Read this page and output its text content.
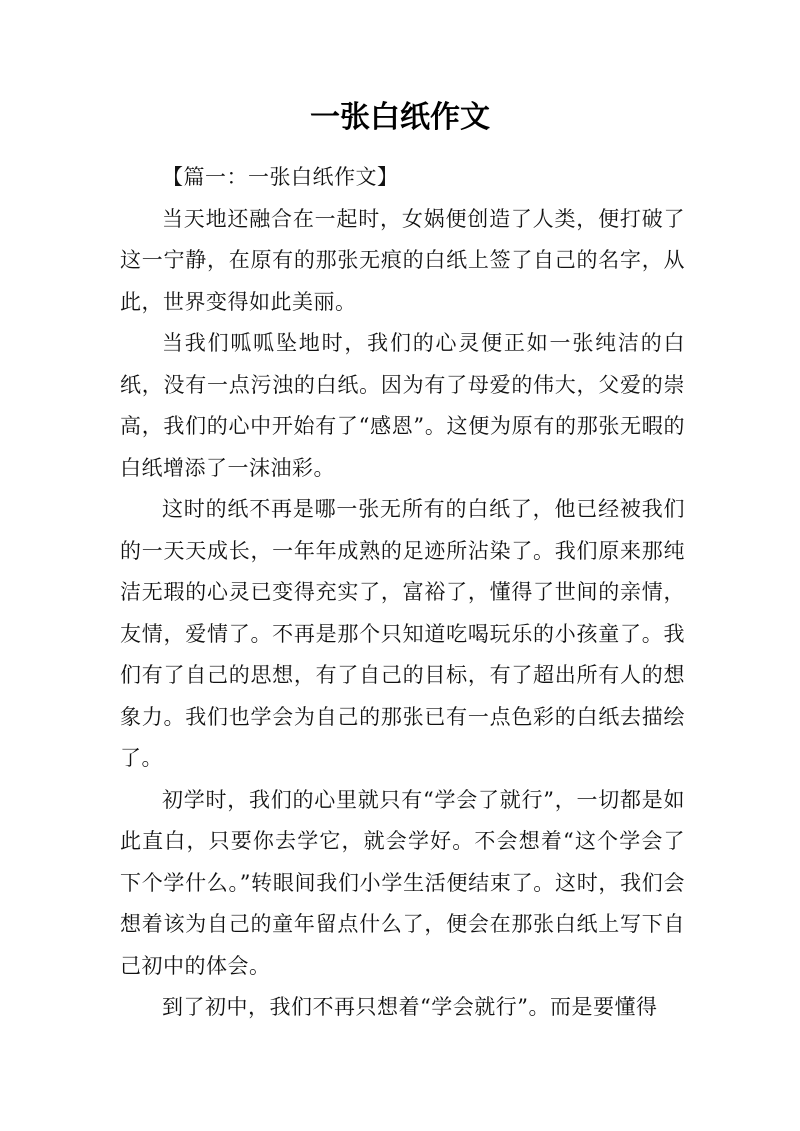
一张白纸作文

【篇一：一张白纸作文】

当天地还融合在一起时，女娲便创造了人类，便打破了这一宁静，在原有的那张无痕的白纸上签了自己的名字，从此，世界变得如此美丽。

当我们呱呱坠地时，我们的心灵便正如一张纯洁的白纸，没有一点污浊的白纸。因为有了母爱的伟大，父爱的崇高，我们的心中开始有了“感恩”。这便为原有的那张无暇的白纸增添了一沫油彩。

这时的纸不再是哪一张无所有的白纸了，他已经被我们的一天天成长，一年年成熟的足迹所沾染了。我们原来那纯洁无瑕的心灵已变得充实了，富裕了，懂得了世间的亲情，友情，爱情了。不再是那个只知道吃喝玩乐的小孩童了。我们有了自己的思想，有了自己的目标，有了超出所有人的想象力。我们也学会为自己的那张已有一点色彩的白纸去描绘了。

初学时，我们的心里就只有“学会了就行”，一切都是如此直白，只要你去学它，就会学好。不会想着“这个学会了下个学什么。”转眼间我们小学生活便结束了。这时，我们会想着该为自己的童年留点什么了，便会在那张白纸上写下自己初中的体会。

到了初中，我们不再只想着“学会就行”。而是要懂得
